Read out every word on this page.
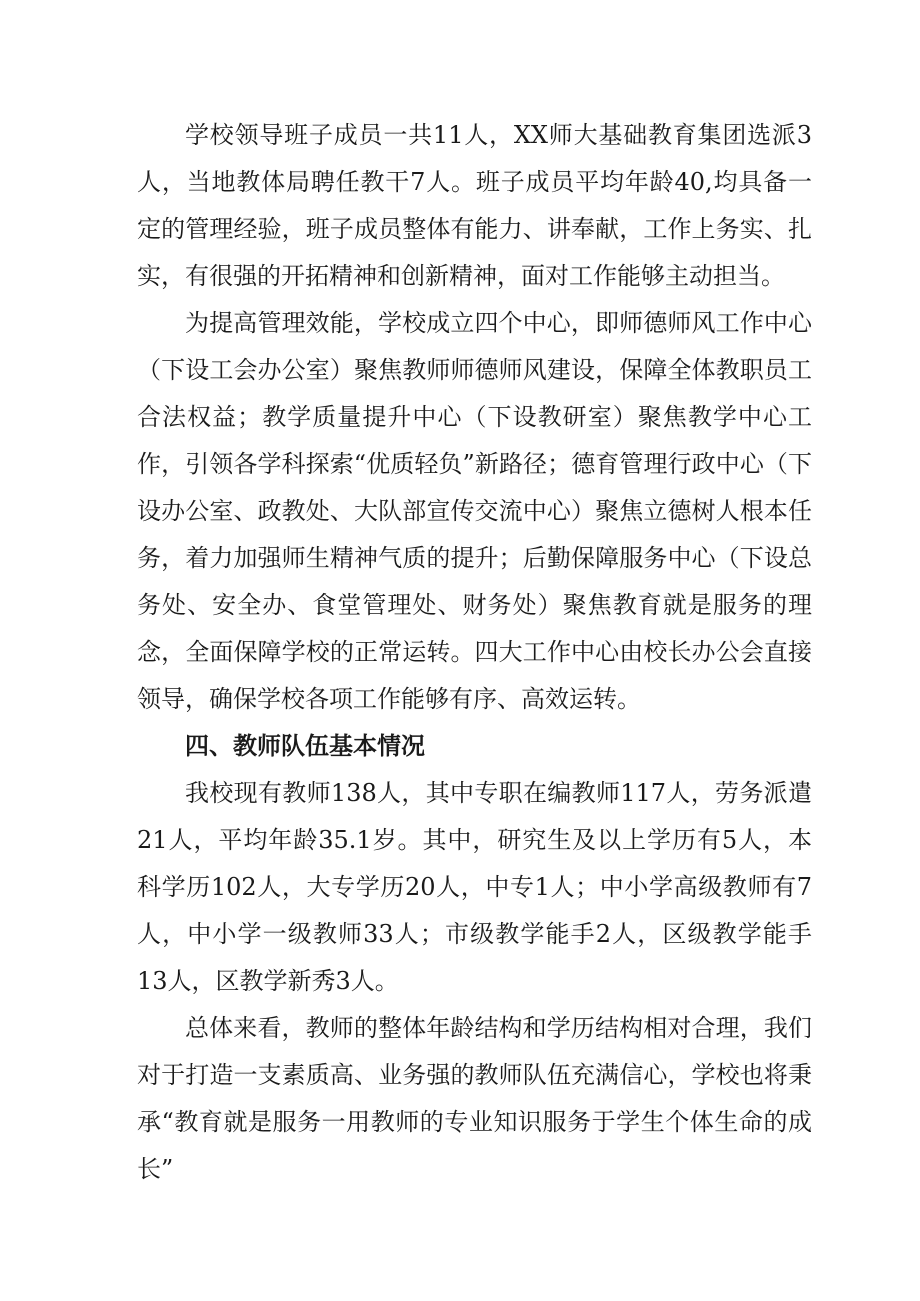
学校领导班子成员一共11人，XX师大基础教育集团选派3人，当地教体局聘任教干7人。班子成员平均年龄40,均具备一定的管理经验，班子成员整体有能力、讲奉献，工作上务实、扎实，有很强的开拓精神和创新精神，面对工作能够主动担当。

为提高管理效能，学校成立四个中心，即师德师风工作中心（下设工会办公室）聚焦教师师德师风建设，保障全体教职员工合法权益；教学质量提升中心（下设教研室）聚焦教学中心工作，引领各学科探索“优质轻负”新路径；德育管理行政中心（下设办公室、政教处、大队部宣传交流中心）聚焦立德树人根本任务，着力加强师生精神气质的提升；后勤保障服务中心（下设总务处、安全办、食堂管理处、财务处）聚焦教育就是服务的理念，全面保障学校的正常运转。四大工作中心由校长办公会直接领导，确保学校各项工作能够有序、高效运转。

四、教师队伍基本情况

我校现有教师138人，其中专职在编教师117人，劳务派遣21人，平均年龄35.1岁。其中，研究生及以上学历有5人，本科学历102人，大专学历20人，中专1人；中小学高级教师有7人，中小学一级教师33人；市级教学能手2人，区级教学能手13人，区教学新秀3人。

总体来看，教师的整体年龄结构和学历结构相对合理，我们对于打造一支素质高、业务强的教师队伍充满信心，学校也将秉承“教育就是服务一用教师的专业知识服务于学生个体生命的成长”
